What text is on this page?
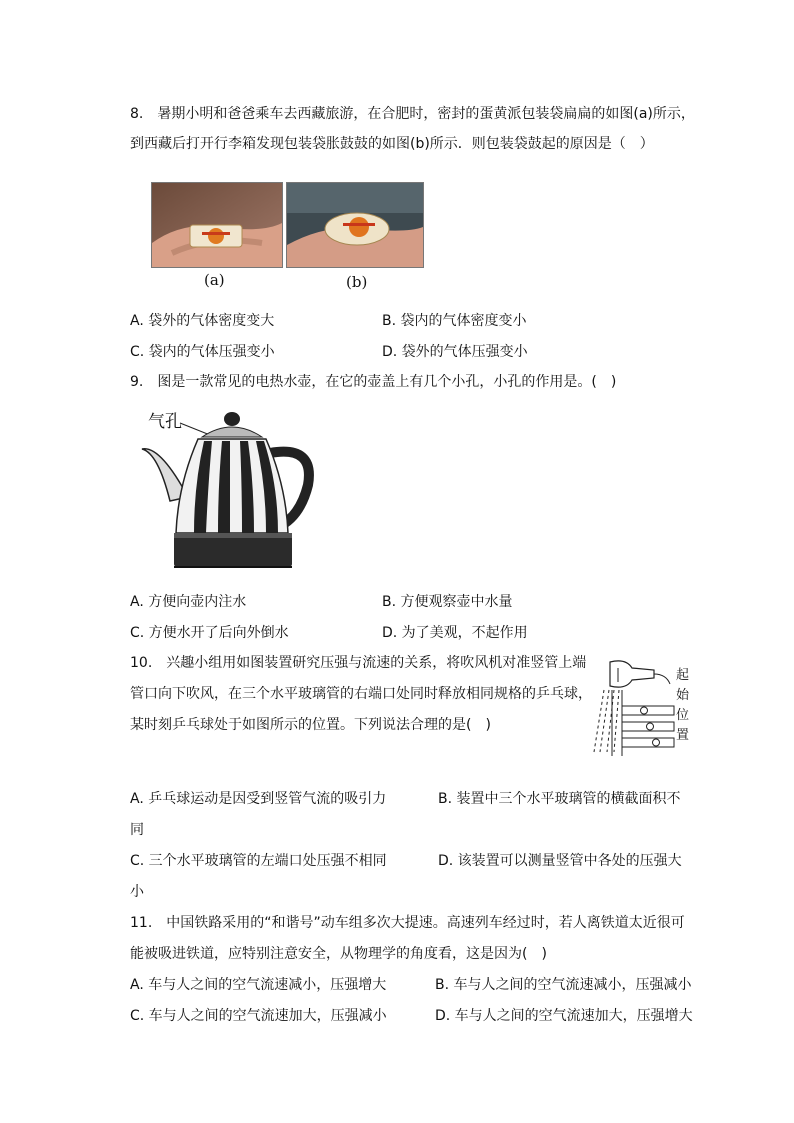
8.　暑期小明和爸爸乘车去西藏旅游，在合肥时，密封的蛋黄派包装袋扁扁的如图(a)所示，
到西藏后打开行李箱发现包装袋胀鼓鼓的如图(b)所示．则包装袋鼓起的原因是（　）
(a)	(b)
A. 袋外的气体密度变大	B. 袋内的气体密度变小
C. 袋内的气体压强变小	D. 袋外的气体压强变小
9.　图是一款常见的电热水壶，在它的壶盖上有几个小孔，小孔的作用是。(　)
气孔
A. 方便向壶内注水	B. 方便观察壶中水量
C. 方便水开了后向外倒水	D. 为了美观，不起作用
10.　兴趣小组用如图装置研究压强与流速的关系，将吹风机对准竖管上端
管口向下吹风，在三个水平玻璃管的右端口处同时释放相同规格的乒乓球，
某时刻乒乓球处于如图所示的位置。下列说法合理的是(　)
起
始
位
置
A. 乒乓球运动是因受到竖管气流的吸引力	B. 装置中三个水平玻璃管的横截面积不
同
C. 三个水平玻璃管的左端口处压强不相同	D. 该装置可以测量竖管中各处的压强大
小
11.　中国铁路采用的“和谐号”动车组多次大提速。高速列车经过时，若人离铁道太近很可
能被吸进铁道，应特别注意安全，从物理学的角度看，这是因为(　)
A. 车与人之间的空气流速减小，压强增大	B. 车与人之间的空气流速减小，压强减小
C. 车与人之间的空气流速加大，压强减小	D. 车与人之间的空气流速加大，压强增大
